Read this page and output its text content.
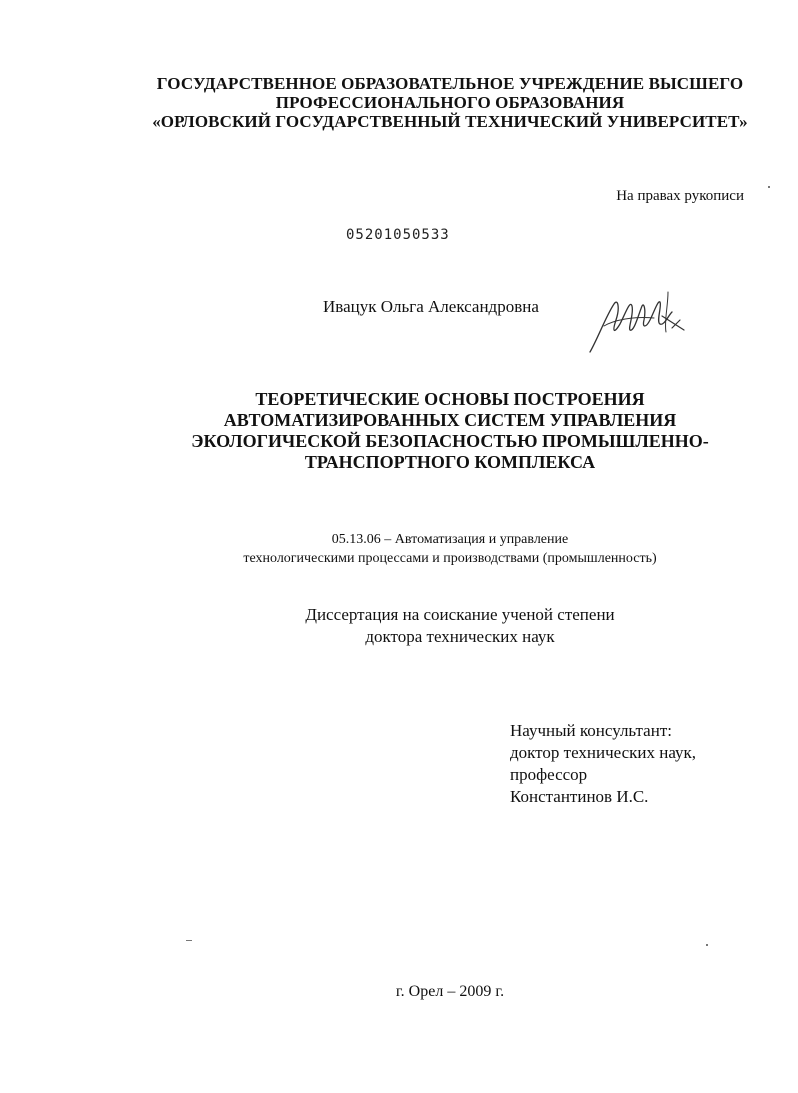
ГОСУДАРСТВЕННОЕ ОБРАЗОВАТЕЛЬНОЕ УЧРЕЖДЕНИЕ ВЫСШЕГО
ПРОФЕССИОНАЛЬНОГО ОБРАЗОВАНИЯ
«ОРЛОВСКИЙ ГОСУДАРСТВЕННЫЙ ТЕХНИЧЕСКИЙ УНИВЕРСИТЕТ»
На правах рукописи
05201050533
Ивацук Ольга Александровна
ТЕОРЕТИЧЕСКИЕ ОСНОВЫ ПОСТРОЕНИЯ
АВТОМАТИЗИРОВАННЫХ СИСТЕМ УПРАВЛЕНИЯ
ЭКОЛОГИЧЕСКОЙ БЕЗОПАСНОСТЬЮ ПРОМЫШЛЕННО-
ТРАНСПОРТНОГО КОМПЛЕКСА
05.13.06 – Автоматизация и управление
технологическими процессами и производствами (промышленность)
Диссертация на соискание ученой степени
доктора технических наук
Научный консультант:
доктор технических наук,
профессор
Константинов И.С.
г. Орел – 2009 г.
